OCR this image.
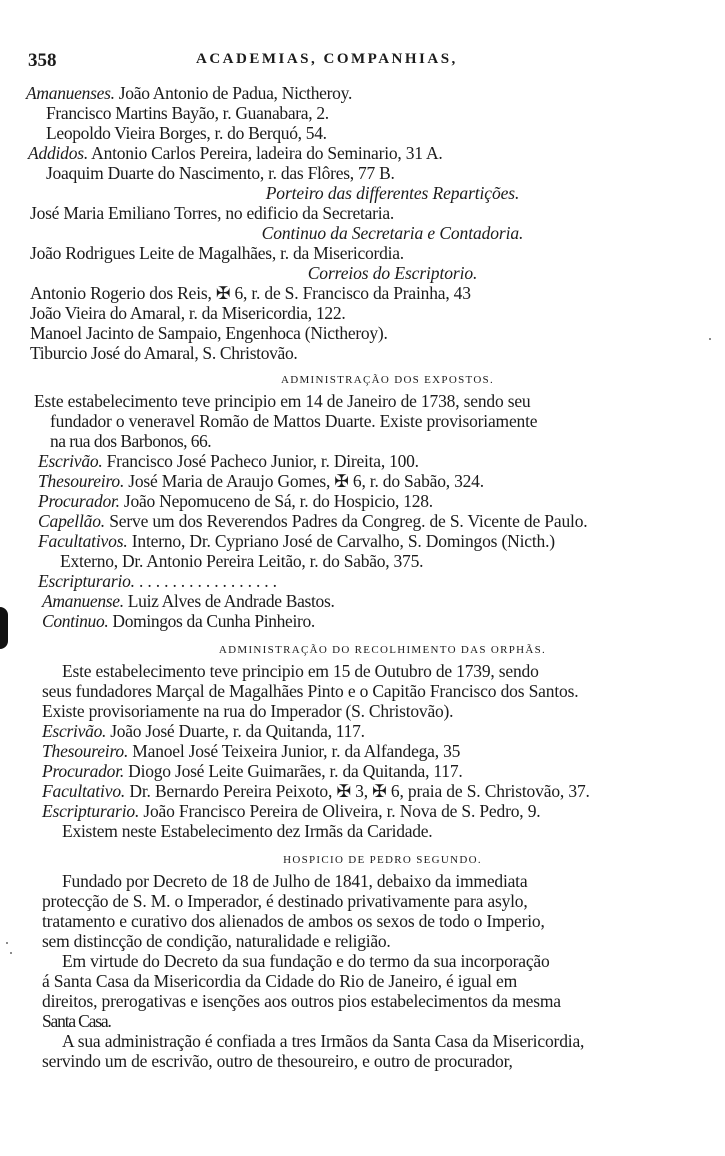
358	ACADEMIAS, COMPANHIAS,

Amanuenses. João Antonio de Padua, Nictheroy.

Francisco Martins Bayão, r. Guanabara, 2.

Leopoldo Vieira Borges, r. do Berquó, 54.

Addidos. Antonio Carlos Pereira, ladeira do Seminario, 31 A.

Joaquim Duarte do Nascimento, r. das Flôres, 77 B.

Porteiro das differentes Repartições.

José Maria Emiliano Torres, no edificio da Secretaria.

Continuo da Secretaria e Contadoria.

João Rodrigues Leite de Magalhães, r. da Misericordia.

Correios do Escriptorio.

Antonio Rogerio dos Reis, ✠ 6, r. de S. Francisco da Prainha, 43

João Vieira do Amaral, r. da Misericordia, 122.

Manoel Jacinto de Sampaio, Engenhoca (Nictheroy).

Tiburcio José do Amaral, S. Christovão.

ADMINISTRAÇÃO DOS EXPOSTOS.

Este estabelecimento teve principio em 14 de Janeiro de 1738, sendo seu

fundador o veneravel Romão de Mattos Duarte. Existe provisoriamente

na rua dos Barbonos, 66.

Escrivão. Francisco José Pacheco Junior, r. Direita, 100.

Thesoureiro. José Maria de Araujo Gomes, ✠ 6, r. do Sabão, 324.

Procurador. João Nepomuceno de Sá, r. do Hospicio, 128.

Capellão. Serve um dos Reverendos Padres da Congreg. de S. Vicente de Paulo.

Facultativos. Interno, Dr. Cypriano José de Carvalho, S. Domingos (Nicth.)

Externo, Dr. Antonio Pereira Leitão, r. do Sabão, 375.

Escripturario. . . . . . . . . . . . . . . . . .

Amanuense. Luiz Alves de Andrade Bastos.

Continuo. Domingos da Cunha Pinheiro.

ADMINISTRAÇÃO DO RECOLHIMENTO DAS ORPHÃS.

Este estabelecimento teve principio em 15 de Outubro de 1739, sendo

seus fundadores Marçal de Magalhães Pinto e o Capitão Francisco dos Santos.

Existe provisoriamente na rua do Imperador (S. Christovão).

Escrivão. João José Duarte, r. da Quitanda, 117.

Thesoureiro. Manoel José Teixeira Junior, r. da Alfandega, 35

Procurador. Diogo José Leite Guimarães, r. da Quitanda, 117.

Facultativo. Dr. Bernardo Pereira Peixoto, ✠ 3, ✠ 6, praia de S. Christovão, 37.

Escripturario. João Francisco Pereira de Oliveira, r. Nova de S. Pedro, 9.

Existem neste Estabelecimento dez Irmãs da Caridade.

HOSPICIO DE PEDRO SEGUNDO.

Fundado por Decreto de 18 de Julho de 1841, debaixo da immediata

protecção de S. M. o Imperador, é destinado privativamente para asylo,

tratamento e curativo dos alienados de ambos os sexos de todo o Imperio,

sem distincção de condição, naturalidade e religião.

Em virtude do Decreto da sua fundação e do termo da sua incorporação

á Santa Casa da Misericordia da Cidade do Rio de Janeiro, é igual em

direitos, prerogativas e isenções aos outros pios estabelecimentos da mesma

Santa Casa.

A sua administração é confiada a tres Irmãos da Santa Casa da Misericordia,

servindo um de escrivão, outro de thesoureiro, e outro de procurador,
